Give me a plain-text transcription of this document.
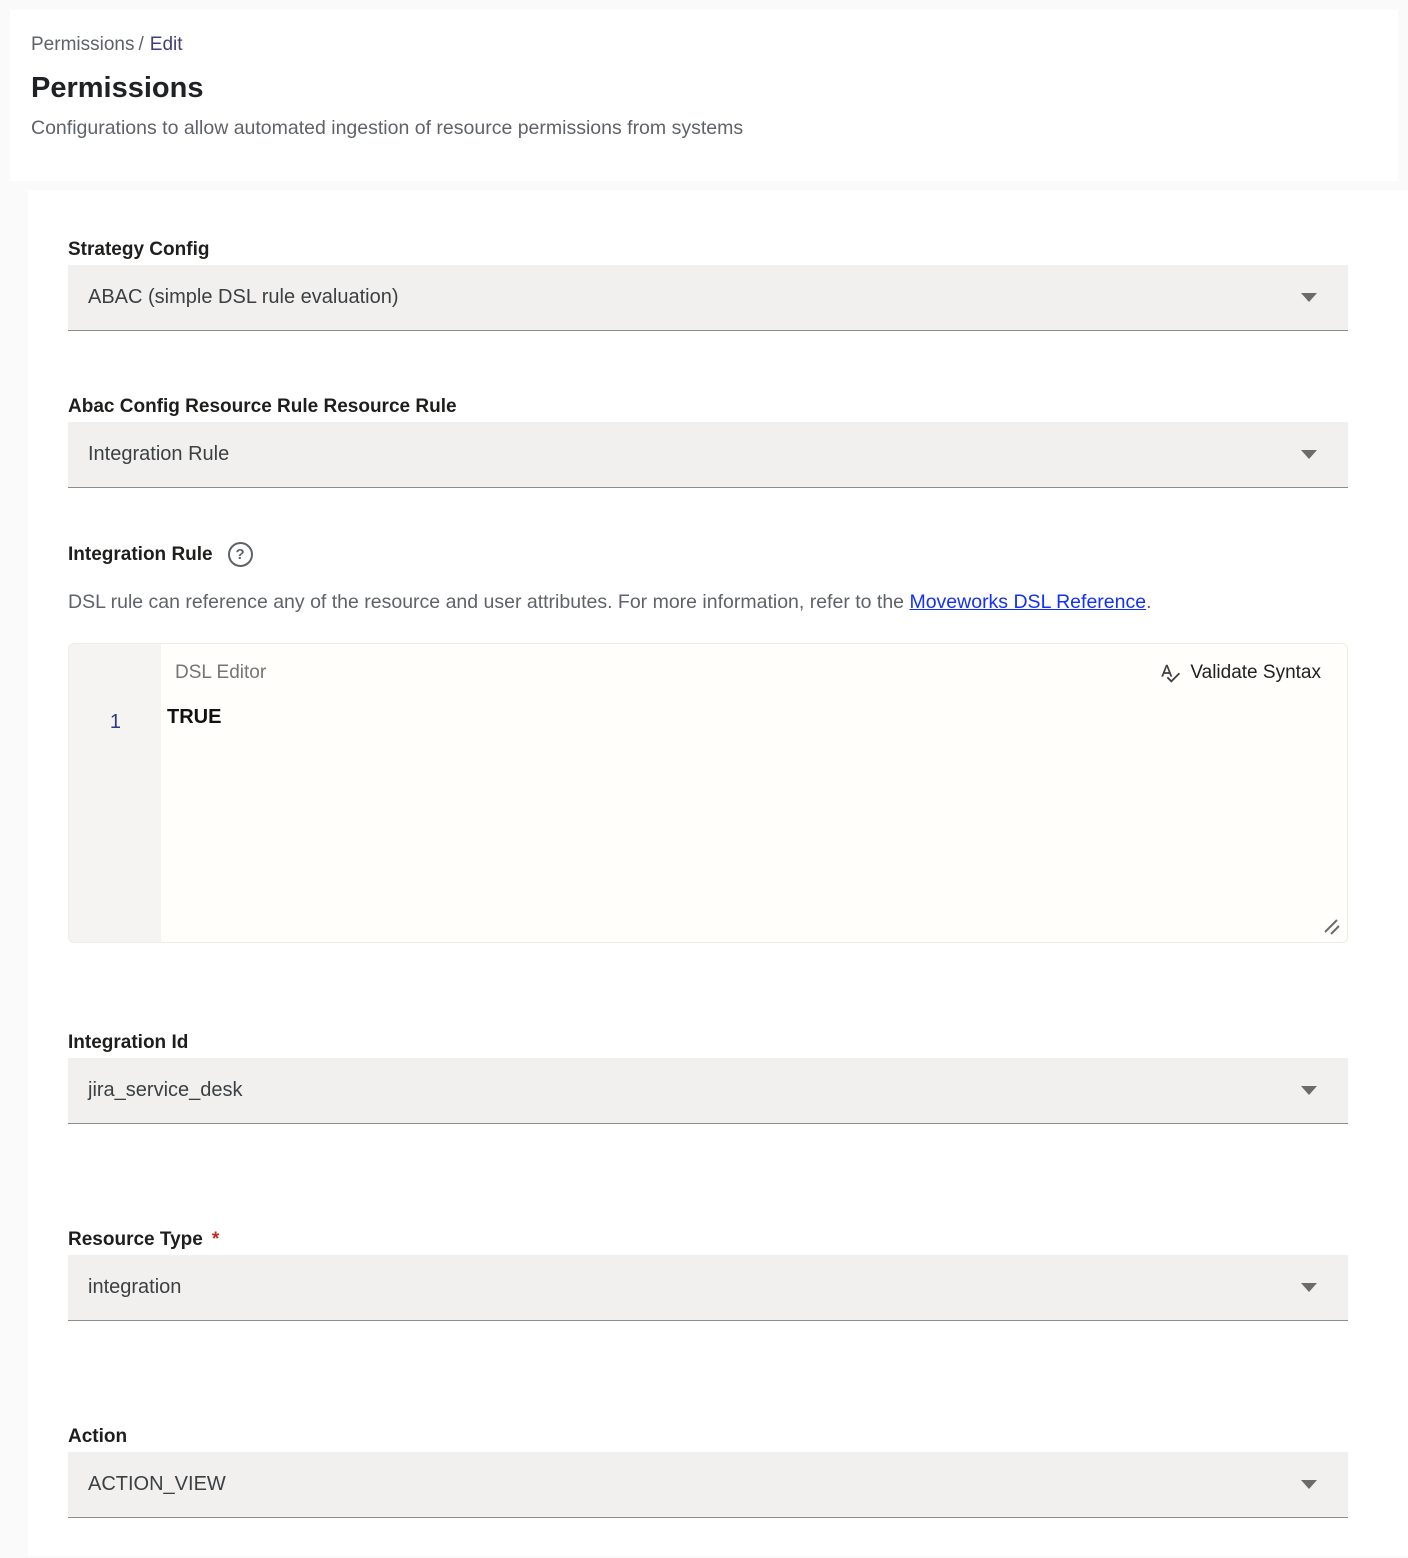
Permissions / Edit
Permissions
Configurations to allow automated ingestion of resource permissions from systems
Strategy Config
ABAC (simple DSL rule evaluation)
Abac Config Resource Rule Resource Rule
Integration Rule
Integration Rule	?
DSL rule can reference any of the resource and user attributes. For more information, refer to the Moveworks DSL Reference.
1
DSL Editor	Validate Syntax
TRUE
Integration Id
jira_service_desk
Resource Type *
integration
Action
ACTION_VIEW
